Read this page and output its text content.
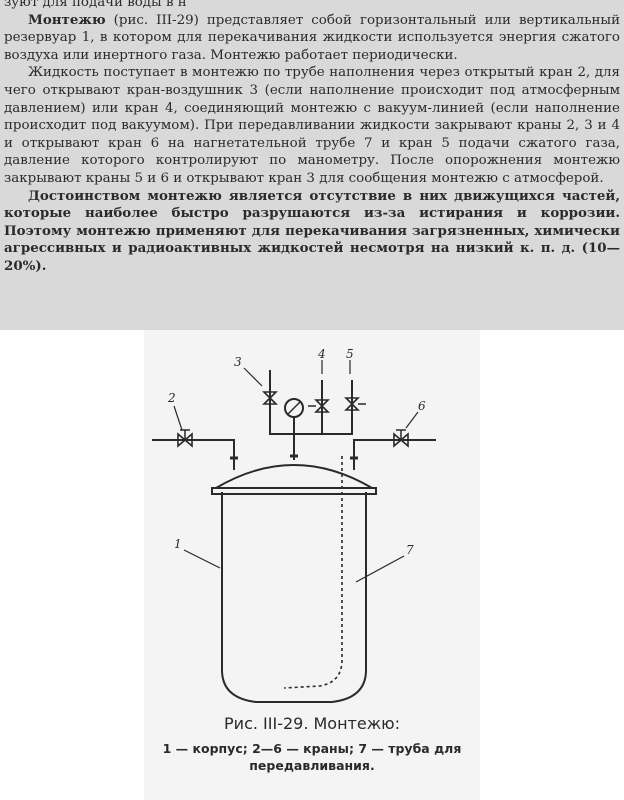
зуют для подачи воды в н

Монтежю (рис. III-29) представляет собой горизонтальный или вертикальный резервуар 1, в котором для перекачивания жидкости используется энергия сжатого воздуха или инертного газа. Монтежю работает периодически.

Жидкость поступает в монтежю по трубе наполнения через открытый кран 2, для чего открывают кран-воздушник 3 (если наполнение происходит под атмосферным давлением) или кран 4, соединяющий монтежю с вакуум-линией (если наполнение происходит под вакуумом). При передавливании жидкости закрывают краны 2, 3 и 4 и открывают кран 6 на нагнетательной трубе 7 и кран 5 подачи сжатого газа, давление которого контролируют по манометру. После опорожнения монтежю закрывают краны 5 и 6 и открывают кран 3 для сообщения монтежю с атмосферой.

Достоинством монтежю является отсутствие в них движущихся частей, которые наиболее быстро разрушаются из-за истирания и коррозии. Поэтому монтежю применяют для перекачивания загрязненных, химически агрессивных и радиоактивных жидкостей несмотря на низкий к. п. д. (10—20%).

2
3
4 5
6
1	7
Рис. III-29. Монтежю:
1 — корпус; 2—6 — краны; 7 — труба для передавливания.
